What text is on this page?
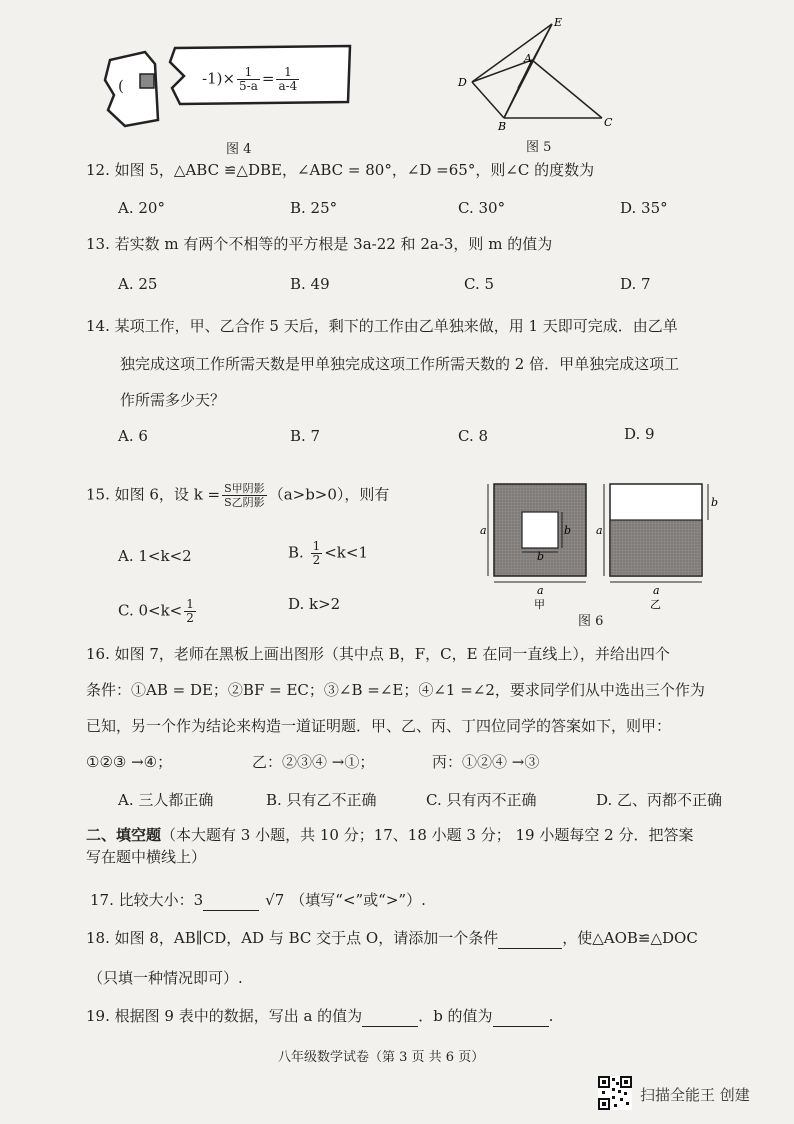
(	$-1)\times \frac{1}{5-a} = \frac{1}{a-4}$
图 4
E
A
D
B	C
图 5
12. 如图 5，△ABC ≌△DBE，∠ABC = 80°，∠D =65°，则∠C 的度数为
A. 20°	B. 25°	C. 30°	D. 35°
13. 若实数 m 有两个不相等的平方根是 3a-22 和 2a-3，则 m 的值为
A. 25	B. 49	C. 5	D. 7
14. 某项工作，甲、乙合作 5 天后，剩下的工作由乙单独来做，用 1 天即可完成．由乙单
独完成这项工作所需天数是甲单独完成这项工作所需天数的 2 倍．甲单独完成这项工
作所需多少天？
A. 6	B. 7	C. 8	D. 9
15. 如图 6，设 $k = \frac{\text{S甲阴影}}{\text{S乙阴影}} (a>b>0)$，则有
A. 1<k<2	B. $\frac{1}{2} <k<1$
C. $0<k< \frac{1}{2}$	D. k>2
a	b
b
a
甲
b
a
a
乙
图 6
16. 如图 7，老师在黑板上画出图形（其中点 B，F，C，E 在同一直线上），并给出四个
条件：①AB = DE；②BF = EC；③∠B =∠E；④∠1 =∠2，要求同学们从中选出三个作为
已知，另一个作为结论来构造一道证明题．甲、乙、丙、丁四位同学的答案如下，则甲：
①②③ →④；	乙：②③④ →①；	丙：①②④ →③
A. 三人都正确	B. 只有乙不正确	C. 只有丙不正确	D. 乙、丙都不正确
二、填空题（本大题有 3 小题，共 10 分；17、18 小题 3 分； 19 小题每空 2 分．把答案
写在题中横线上）
17. 比较大小：3	√7 （填写“<”或“>”）.
18. 如图 8，AB∥CD，AD 与 BC 交于点 O，请添加一个条件	，使△AOB≌△DOC
（只填一种情况即可）.
19. 根据图 9 表中的数据，写出 a 的值为	．b 的值为	.
八年级数学试卷（第 3 页 共 6 页）
扫描全能王 创建
